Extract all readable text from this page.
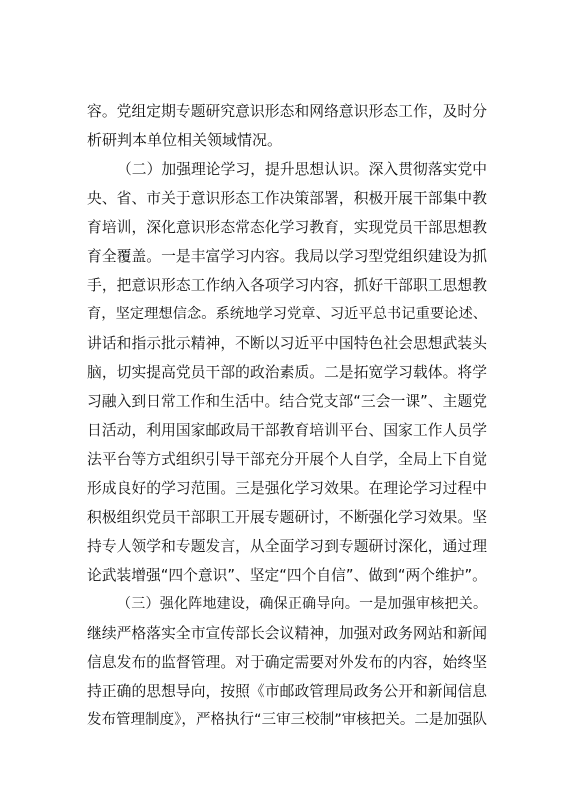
容。党组定期专题研究意识形态和网络意识形态工作，及时分
析研判本单位相关领域情况。
（二）加强理论学习，提升思想认识。深入贯彻落实党中
央、省、市关于意识形态工作决策部署，积极开展干部集中教
育培训，深化意识形态常态化学习教育，实现党员干部思想教
育全覆盖。一是丰富学习内容。我局以学习型党组织建设为抓
手，把意识形态工作纳入各项学习内容，抓好干部职工思想教
育，坚定理想信念。系统地学习党章、习近平总书记重要论述、
讲话和指示批示精神，不断以习近平中国特色社会思想武装头
脑，切实提高党员干部的政治素质。二是拓宽学习载体。将学
习融入到日常工作和生活中。结合党支部“三会一课”、主题党
日活动，利用国家邮政局干部教育培训平台、国家工作人员学
法平台等方式组织引导干部充分开展个人自学，全局上下自觉
形成良好的学习范围。三是强化学习效果。在理论学习过程中
积极组织党员干部职工开展专题研讨，不断强化学习效果。坚
持专人领学和专题发言，从全面学习到专题研讨深化，通过理
论武装增强“四个意识”、坚定“四个自信”、做到“两个维护”。
（三）强化阵地建设，确保正确导向。一是加强审核把关。
继续严格落实全市宣传部长会议精神，加强对政务网站和新闻
信息发布的监督管理。对于确定需要对外发布的内容，始终坚
持正确的思想导向，按照《市邮政管理局政务公开和新闻信息
发布管理制度》，严格执行“三审三校制”审核把关。二是加强队
